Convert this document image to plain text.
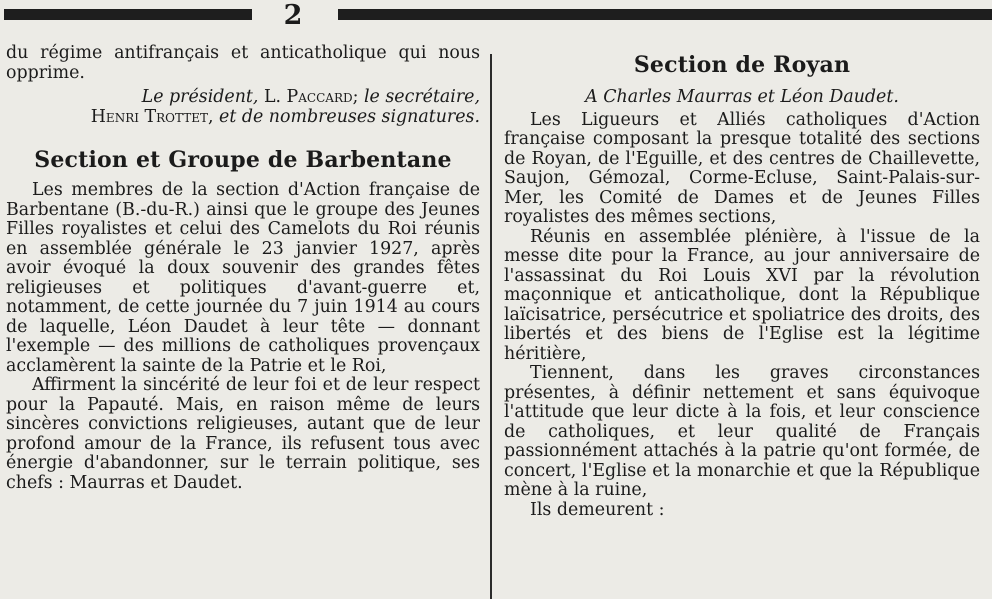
2

du régime antifrançais et anticatholique qui nous opprime.

Le président, L. Paccard; le secrétaire,
Henri Trottet, et de nombreuses signatures.

Section et Groupe de Barbentane

Les membres de la section d'Action française de Barbentane (B.-du-R.) ainsi que le groupe des Jeunes Filles royalistes et celui des Camelots du Roi réunis en assemblée générale le 23 janvier 1927, après avoir évoqué la doux souvenir des grandes fêtes religieuses et politiques d'avant-guerre et, notamment, de cette journée du 7 juin 1914 au cours de laquelle, Léon Daudet à leur tête — donnant l'exemple — des millions de catholiques provençaux acclamèrent la sainte de la Patrie et le Roi,

Affirment la sincérité de leur foi et de leur respect pour la Papauté. Mais, en raison même de leurs sincères convictions religieuses, autant que de leur profond amour de la France, ils refusent tous avec énergie d'abandonner, sur le terrain politique, ses chefs : Maurras et Daudet.

Section de Royan

A Charles Maurras et Léon Daudet.

Les Ligueurs et Alliés catholiques d'Action française composant la presque totalité des sections de Royan, de l'Eguille, et des centres de Chaillevette, Saujon, Gémozal, Corme-Ecluse, Saint-Palais-sur-Mer, les Comité de Dames et de Jeunes Filles royalistes des mêmes sections,

Réunis en assemblée plénière, à l'issue de la messe dite pour la France, au jour anniversaire de l'assassinat du Roi Louis XVI par la révolution maçonnique et anticatholique, dont la République laïcisatrice, persécutrice et spoliatrice des droits, des libertés et des biens de l'Eglise est la légitime héritière,

Tiennent, dans les graves circonstances présentes, à définir nettement et sans équivoque l'attitude que leur dicte à la fois, et leur conscience de catholiques, et leur qualité de Français passionnément attachés à la patrie qu'ont formée, de concert, l'Eglise et la monarchie et que la République mène à la ruine,

Ils demeurent :
